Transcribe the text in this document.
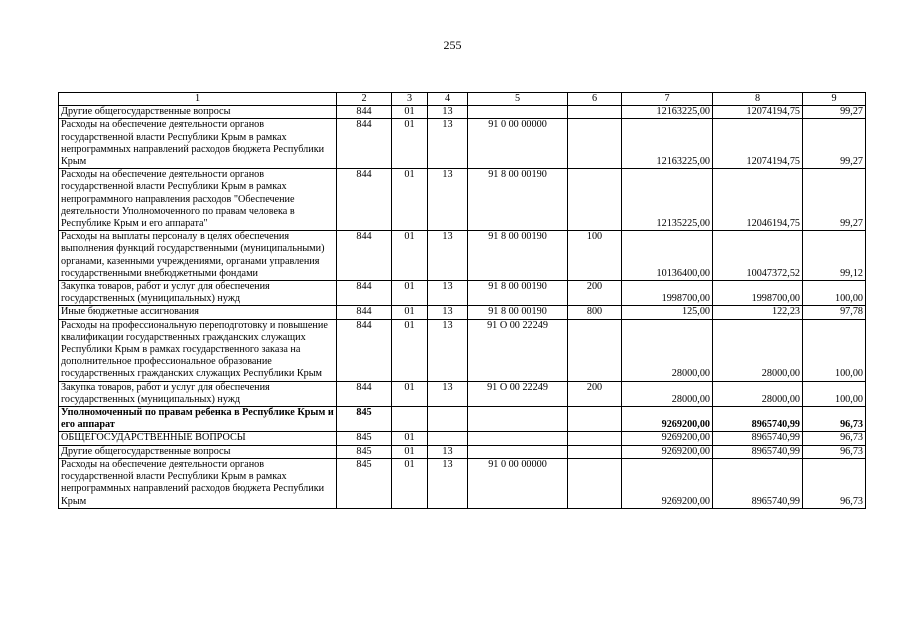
255
1	2	3	4	5	6	7	8	9
Другие общегосударственные вопросы	844	01	13			12163225,00	12074194,75	99,27
Расходы на обеспечение деятельности органов государственной власти Республики Крым в рамках непрограммных направлений расходов бюджета Республики Крым	844	01	13	91 0 00 00000		12163225,00	12074194,75	99,27
Расходы на обеспечение деятельности органов государственной власти Республики Крым в рамках непрограммного направления расходов "Обеспечение деятельности Уполномоченного по правам человека в Республике Крым и его аппарата"	844	01	13	91 8 00 00190		12135225,00	12046194,75	99,27
Расходы на выплаты персоналу в целях обеспечения выполнения функций государственными (муниципальными) органами, казенными учреждениями, органами управления государственными внебюджетными фондами	844	01	13	91 8 00 00190	100	10136400,00	10047372,52	99,12
Закупка товаров, работ и услуг для обеспечения государственных (муниципальных) нужд	844	01	13	91 8 00 00190	200	1998700,00	1998700,00	100,00
Иные бюджетные ассигнования	844	01	13	91 8 00 00190	800	125,00	122,23	97,78
Расходы на профессиональную переподготовку и повышение квалификации государственных гражданских служащих Республики Крым в рамках государственного заказа на дополнительное профессиональное образование государственных гражданских служащих Республики Крым	844	01	13	91 О 00 22249		28000,00	28000,00	100,00
Закупка товаров, работ и услуг для обеспечения государственных (муниципальных) нужд	844	01	13	91 О 00 22249	200	28000,00	28000,00	100,00
Уполномоченный по правам ребенка в Республике Крым и его аппарат	845					9269200,00	8965740,99	96,73
ОБЩЕГОСУДАРСТВЕННЫЕ ВОПРОСЫ	845	01				9269200,00	8965740,99	96,73
Другие общегосударственные вопросы	845	01	13			9269200,00	8965740,99	96,73
Расходы на обеспечение деятельности органов государственной власти Республики Крым в рамках непрограммных направлений расходов бюджета Республики Крым	845	01	13	91 0 00 00000		9269200,00	8965740,99	96,73
